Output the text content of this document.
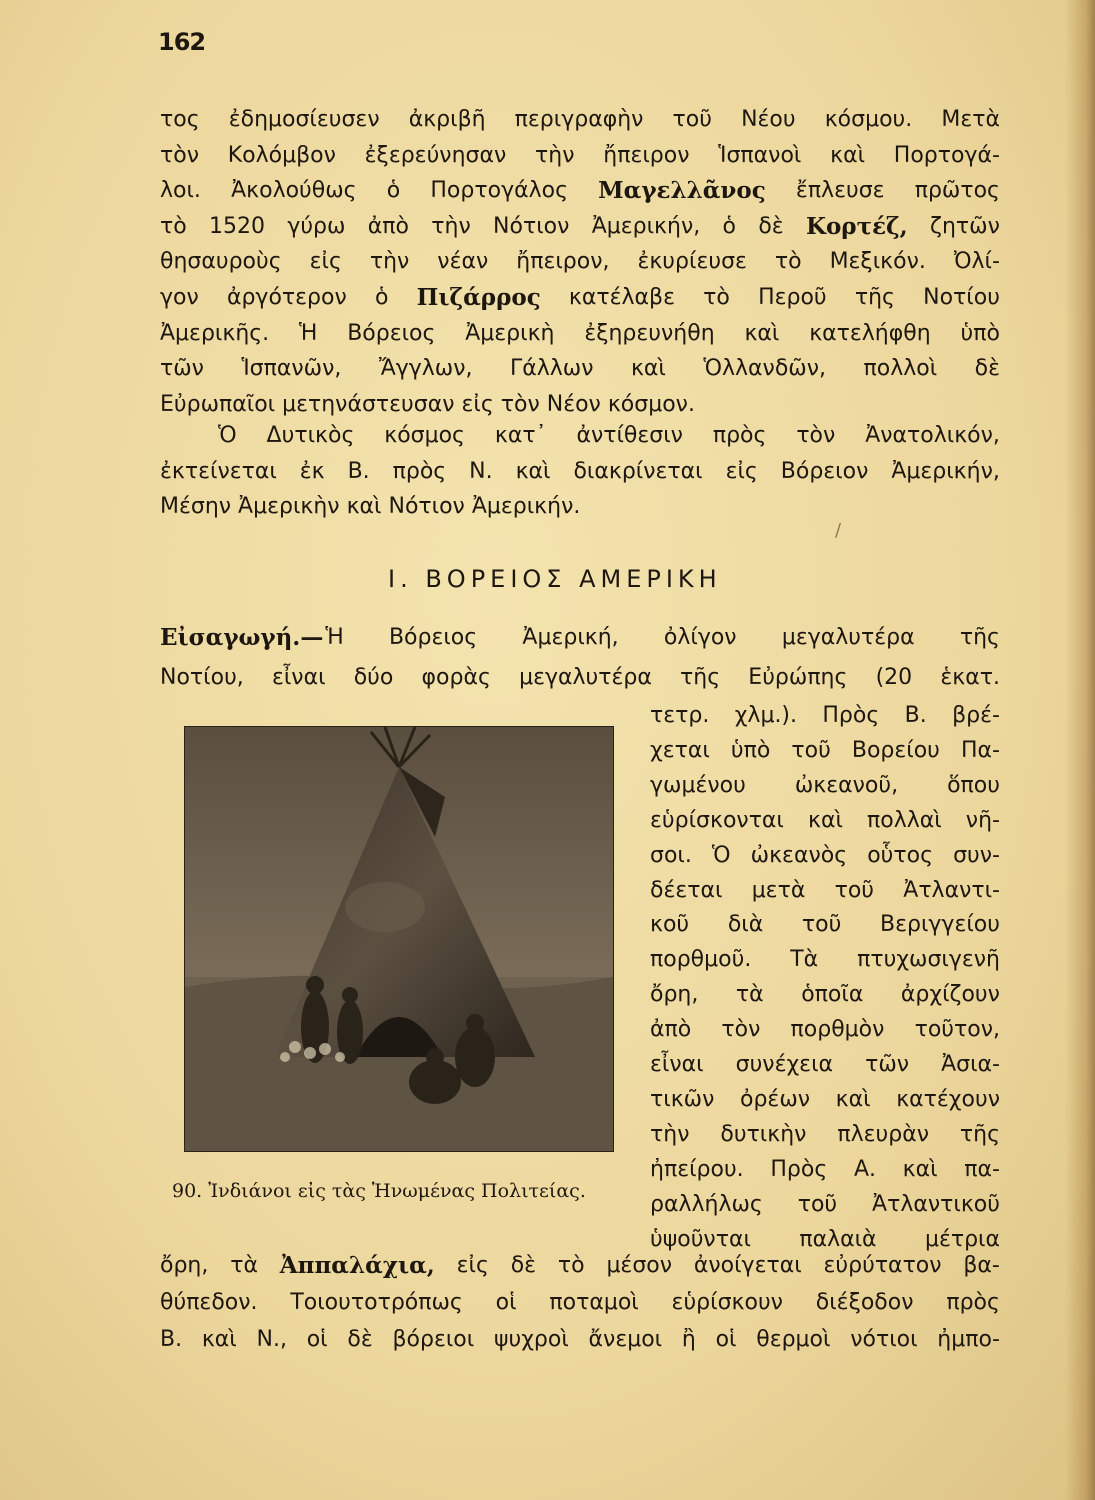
162
τος ἐδημοσίευσεν ἀκριβῆ περιγραφὴν τοῦ Νέου κόσμου. Μετὰ
τὸν Κολόμβον ἐξερεύνησαν τὴν ἤπειρον Ἱσπανοὶ καὶ Πορτογά-
λοι. Ἀκολούθως ὁ Πορτογάλος Μαγελλᾶνος ἔπλευσε πρῶτος
τὸ 1520 γύρω ἀπὸ τὴν Νότιον Ἀμερικήν, ὁ δὲ Κορτέζ, ζητῶν
θησαυροὺς εἰς τὴν νέαν ἤπειρον, ἐκυρίευσε τὸ Μεξικόν. Ὀλί-
γον ἀργότερον ὁ Πιζάρρος κατέλαβε τὸ Περοῦ τῆς Νοτίου
Ἀμερικῆς. Ἡ Βόρειος Ἀμερικὴ ἐξηρευνήθη καὶ κατελήφθη ὑπὸ
τῶν Ἱσπανῶν, Ἄγγλων, Γάλλων καὶ Ὁλλανδῶν, πολλοὶ δὲ
Εὐρωπαῖοι μετηνάστευσαν εἰς τὸν Νέον κόσμον.
Ὁ Δυτικὸς κόσμος κατ᾽ ἀντίθεσιν πρὸς τὸν Ἀνατολικόν,
ἐκτείνεται ἐκ Β. πρὸς Ν. καὶ διακρίνεται εἰς Βόρειον Ἀμερικήν,
Μέσην Ἀμερικὴν καὶ Νότιον Ἀμερικήν.
Ι. ΒΟΡΕΙΟΣ ΑΜΕΡΙΚΗ
Εἰσαγωγή.— Ἡ Βόρειος Ἀμερική, ὀλίγον μεγαλυτέρα τῆς
Νοτίου, εἶναι δύο φορὰς μεγαλυτέρα τῆς Εὐρώπης (20 ἑκατ.
τετρ. χλμ.). Πρὸς Β. βρέ-
χεται ὑπὸ τοῦ Βορείου Πα-
γωμένου ὠκεανοῦ, ὅπου
εὑρίσκονται καὶ πολλαὶ νῆ-
σοι. Ὁ ὠκεανὸς οὗτος συν-
δέεται μετὰ τοῦ Ἀτλαντι-
κοῦ διὰ τοῦ Βεριγγείου
πορθμοῦ. Τὰ πτυχωσιγενῆ
ὄρη, τὰ ὁποῖα ἀρχίζουν
ἀπὸ τὸν πορθμὸν τοῦτον,
εἶναι συνέχεια τῶν Ἀσια-
τικῶν ὀρέων καὶ κατέχουν
τὴν δυτικὴν πλευρὰν τῆς
ἠπείρου. Πρὸς Α. καὶ πα-
ραλλήλως τοῦ Ἀτλαντικοῦ
ὑψοῦνται παλαιὰ μέτρια
90. Ἰνδιάνοι εἰς τὰς Ἡνωμένας Πολιτείας.
ὄρη, τὰ Ἀππαλάχια, εἰς δὲ τὸ μέσον ἀνοίγεται εὐρύτατον βα-
θύπεδον. Τοιουτοτρόπως οἱ ποταμοὶ εὑρίσκουν διέξοδον πρὸς
Β. καὶ Ν., οἱ δὲ βόρειοι ψυχροὶ ἄνεμοι ἢ οἱ θερμοὶ νότιοι ἠμπο-
/
